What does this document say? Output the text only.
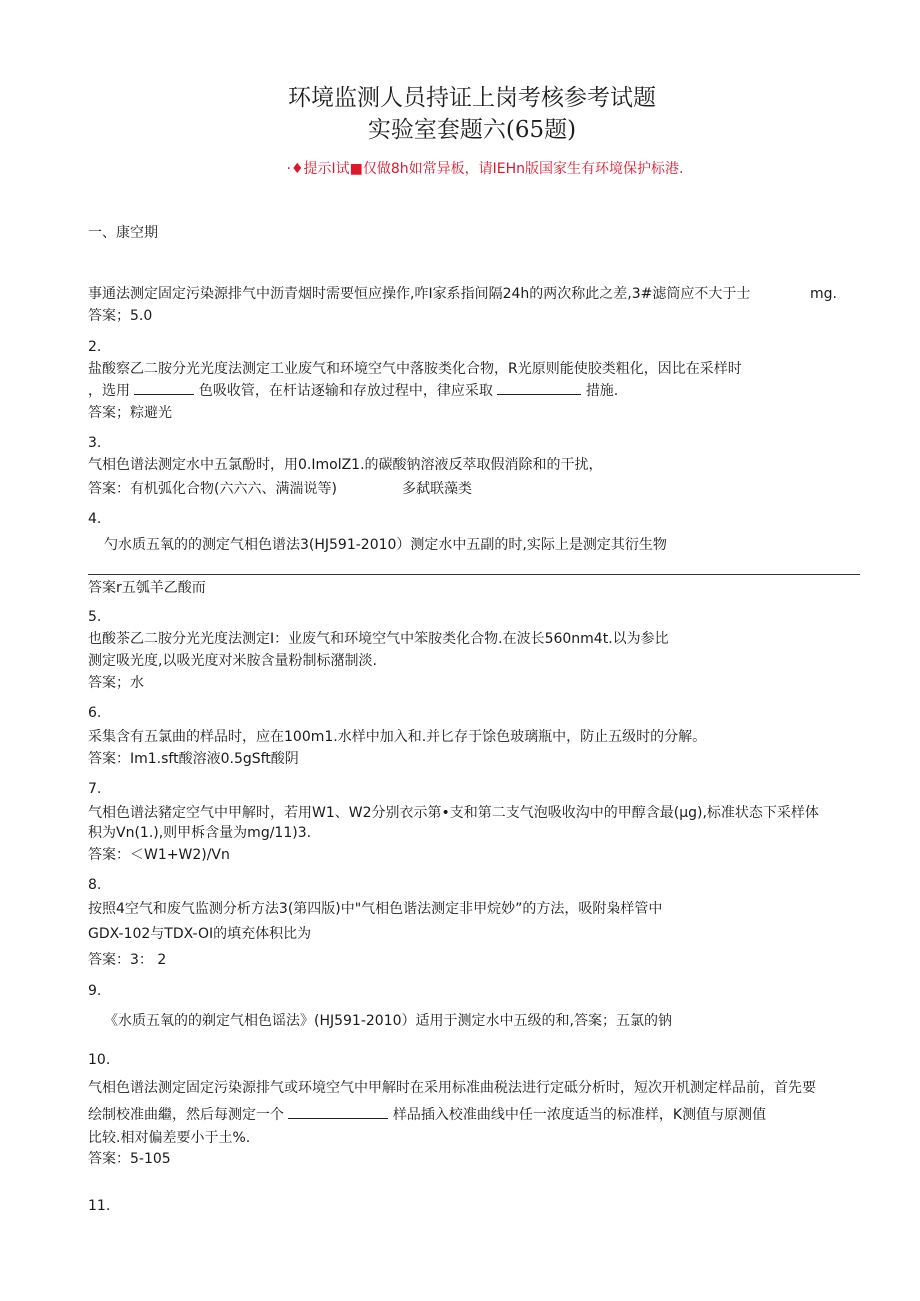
环境监测人员持证上岗考核参考试题
实验室套题六(65题)
·♦提示I试■仅做8h如常异板，请IEHn版国家生有环境保护标港.
一、康空期
事通法测定固定污染源排气中沥青烟时需要恒应操作,咋I家系指间隔24h的两次称此之差,3#滤筒应不大于士	mg.
答案；5.0
2.
盐酸察乙二胺分光光度法测定工业废气和环境空气中落胺类化合物，R光原则能使胶类粗化，因比在采样时
，选用	色吸收管，在杆诂逐输和存放过程中，律应采取	措施.
答案；粽避光
3.
气相色谱法测定水中五氯酚时，用0.ImolZ1.的碳酸钠溶液反萃取假消除和的干扰，
答案：有机弧化合物(六六六、满湍说等)	多弑联藻类
4.
勺水质五氧的的测定气相色谱法3(HJ591-2010）测定水中五副的时,实际上是测定其衍生物
答案r五瓠羊乙酸而
5.
也酸茶乙二胺分光光度法测定I：业废气和环境空气中笨胺类化合物.在波长560nm4t.以为参比
测定吸光度,以吸光度对米胺含量粉制标潴制淡.
答案；水
6.
采集含有五氯曲的样品时，应在100m1.水样中加入和.并匕存于馀色玻璃瓶中，防止五级时的分解。
答案：Im1.sft酸溶液0.5gSft酸阴
7.
气相色谱法豬定空气中甲解时，若用W1、W2分别衣示第•支和第二支气泡吸收沟中的甲醇含最(μg),标准状态下采样体
积为Vn(1.),则甲柝含量为mg∕11)3.
答案：＜W1+W2)/Vn
8.
按照4空气和废气监测分析方法3(第四版)中"气相色谐法测定非甲烷妙”的方法，吸附枭样管中
GDX-102与TDX-OI的填充体积比为
答案：3： 2
9.
《水质五氧的的剃定气相色谣法》(HJ591-2010）适用于测定水中五级的和,答案；五氯的钠
10.
气相色谱法测定固定污染源排气或环境空气中甲解时在采用标准曲税法进行定砥分析时，短次开机测定样品前，首先要
绘制校准曲繼，然后每测定一个	样品插入校准曲线中任一浓度适当的标准样，K测值与原测值
比较.相对偏差要小于土%.
答案：5-105
11.
